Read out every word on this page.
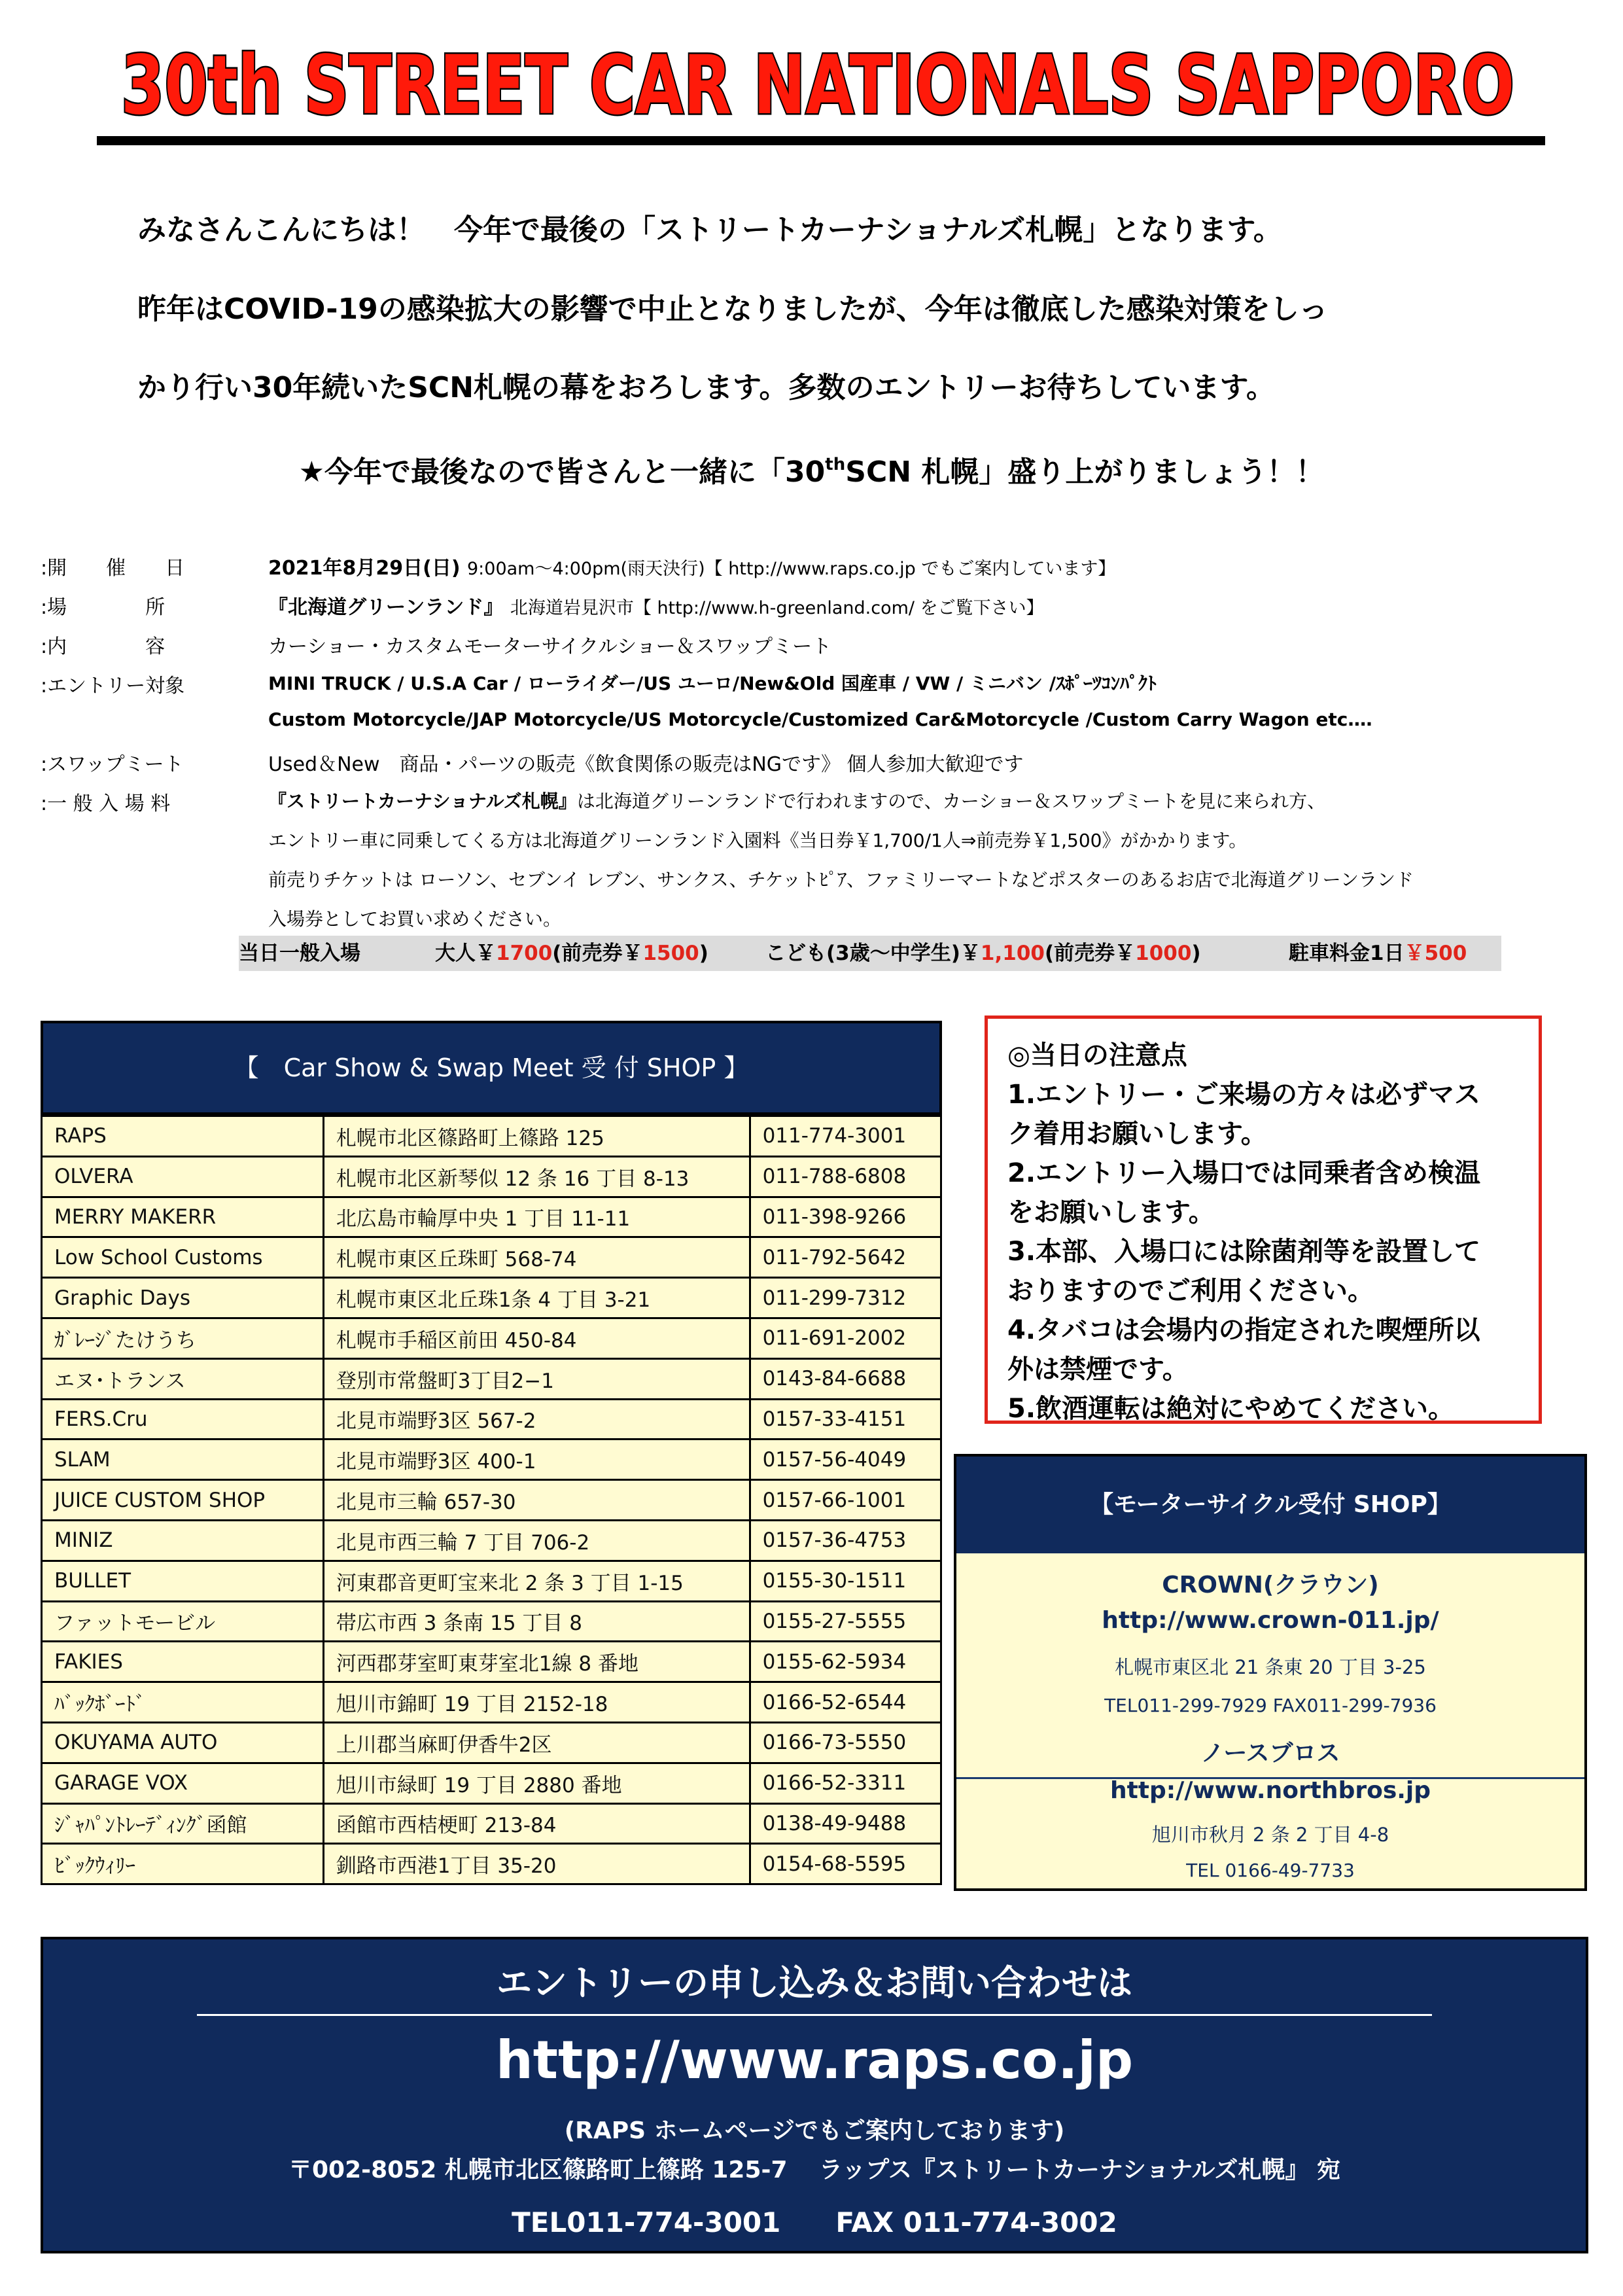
30th STREET CAR NATIONALS SAPPORO
みなさんこんにちは！　今年で最後の「ストリートカーナショナルズ札幌」となります。
昨年はCOVID-19の感染拡大の影響で中止となりましたが、今年は徹底した感染対策をしっ
かり行い30年続いたSCN札幌の幕をおろします。多数のエントリーお待ちしています。
★今年で最後なので皆さんと一緒に「30thSCN 札幌」盛り上がりましょう！！
:開　　催　　日	2021年8月29日(日) 9:00am～4:00pm(雨天決行)【 http://www.raps.co.jp でもご案内しています】
:場　　　　所	『北海道グリーンランド』 北海道岩見沢市【 http://www.h-greenland.com/ をご覧下さい】
:内　　　　容	カーショー・カスタムモーターサイクルショー＆スワップミート
:エントリー対象	MINI TRUCK / U.S.A Car / ローライダー/US ユーロ/New&Old 国産車 / VW / ミニバン /ｽﾎﾟｰﾂｺﾝﾊﾟｸﾄ
Custom Motorcycle/JAP Motorcycle/US Motorcycle/Customized Car&Motorcycle /Custom Carry Wagon etc‥‥
:スワップミート	Used＆New　商品・パーツの販売《飲食関係の販売はNGです》 個人参加大歓迎です
:一 般 入 場 料	『ストリートカーナショナルズ札幌』は北海道グリーンランドで行われますので、カーショー＆スワップミートを見に来られ方、
エントリー車に同乗してくる方は北海道グリーンランド入園料《当日券￥1,700/1人⇒前売券￥1,500》がかかります。
前売りチケットは ローソン、セブンイ レブン、サンクス、チケットﾋﾟｱ、ファミリーマートなどポスターのあるお店で北海道グリーンランド
入場券としてお買い求めください。
当日一般入場	大人￥1700(前売券￥1500)	こども(3歳～中学生)￥1,100(前売券￥1000)	駐車料金1日￥500
【　Car Show & Swap Meet 受 付 SHOP 】
RAPS	札幌市北区篠路町上篠路 125	011-774-3001
OLVERA	札幌市北区新琴似 12 条 16 丁目 8-13	011-788-6808
MERRY MAKERR	北広島市輪厚中央 1 丁目 11-11	011-398-9266
Low School Customs	札幌市東区丘珠町 568-74	011-792-5642
Graphic Days	札幌市東区北丘珠1条 4 丁目 3-21	011-299-7312
ｶﾞﾚｰｼﾞたけうち	札幌市手稲区前田 450-84	011-691-2002
エヌ･トランス	登別市常盤町3丁目2−1	0143-84-6688
FERS.Cru	北見市端野3区 567-2	0157-33-4151
SLAM	北見市端野3区 400-1	0157-56-4049
JUICE CUSTOM SHOP	北見市三輪 657-30	0157-66-1001
MINIZ	北見市西三輪 7 丁目 706-2	0157-36-4753
BULLET	河東郡音更町宝来北 2 条 3 丁目 1-15	0155-30-1511
ファットモービル	帯広市西 3 条南 15 丁目 8	0155-27-5555
FAKIES	河西郡芽室町東芽室北1線 8 番地	0155-62-5934
ﾊﾞｯｸﾎﾞｰﾄﾞ	旭川市錦町 19 丁目 2152-18	0166-52-6544
OKUYAMA AUTO	上川郡当麻町伊香牛2区	0166-73-5550
GARAGE VOX	旭川市緑町 19 丁目 2880 番地	0166-52-3311
ｼﾞｬﾊﾟﾝﾄﾚｰﾃﾞｨﾝｸﾞ函館	函館市西桔梗町 213-84	0138-49-9488
ﾋﾞｯｸｳｨﾘｰ	釧路市西港1丁目 35-20	0154-68-5595
◎当日の注意点
1.エントリー・ご来場の方々は必ずマス
ク着用お願いします。
2.エントリー入場口では同乗者含め検温
をお願いします。
3.本部、入場口には除菌剤等を設置して
おりますのでご利用ください。
4.タバコは会場内の指定された喫煙所以
外は禁煙です。
5.飲酒運転は絶対にやめてください。
【モーターサイクル受付 SHOP】
CROWN(クラウン)
http://www.crown-011.jp/
札幌市東区北 21 条東 20 丁目 3-25
TEL011-299-7929 FAX011-299-7936
ノースブロス
http://www.northbros.jp
旭川市秋月 2 条 2 丁目 4-8
TEL 0166-49-7733
エントリーの申し込み＆お問い合わせは
http://www.raps.co.jp
(RAPS ホームページでもご案内しております)
〒002-8052 札幌市北区篠路町上篠路 125-7　 ラップス『ストリートカーナショナルズ札幌』 宛
TEL011-774-3001　　FAX 011-774-3002
